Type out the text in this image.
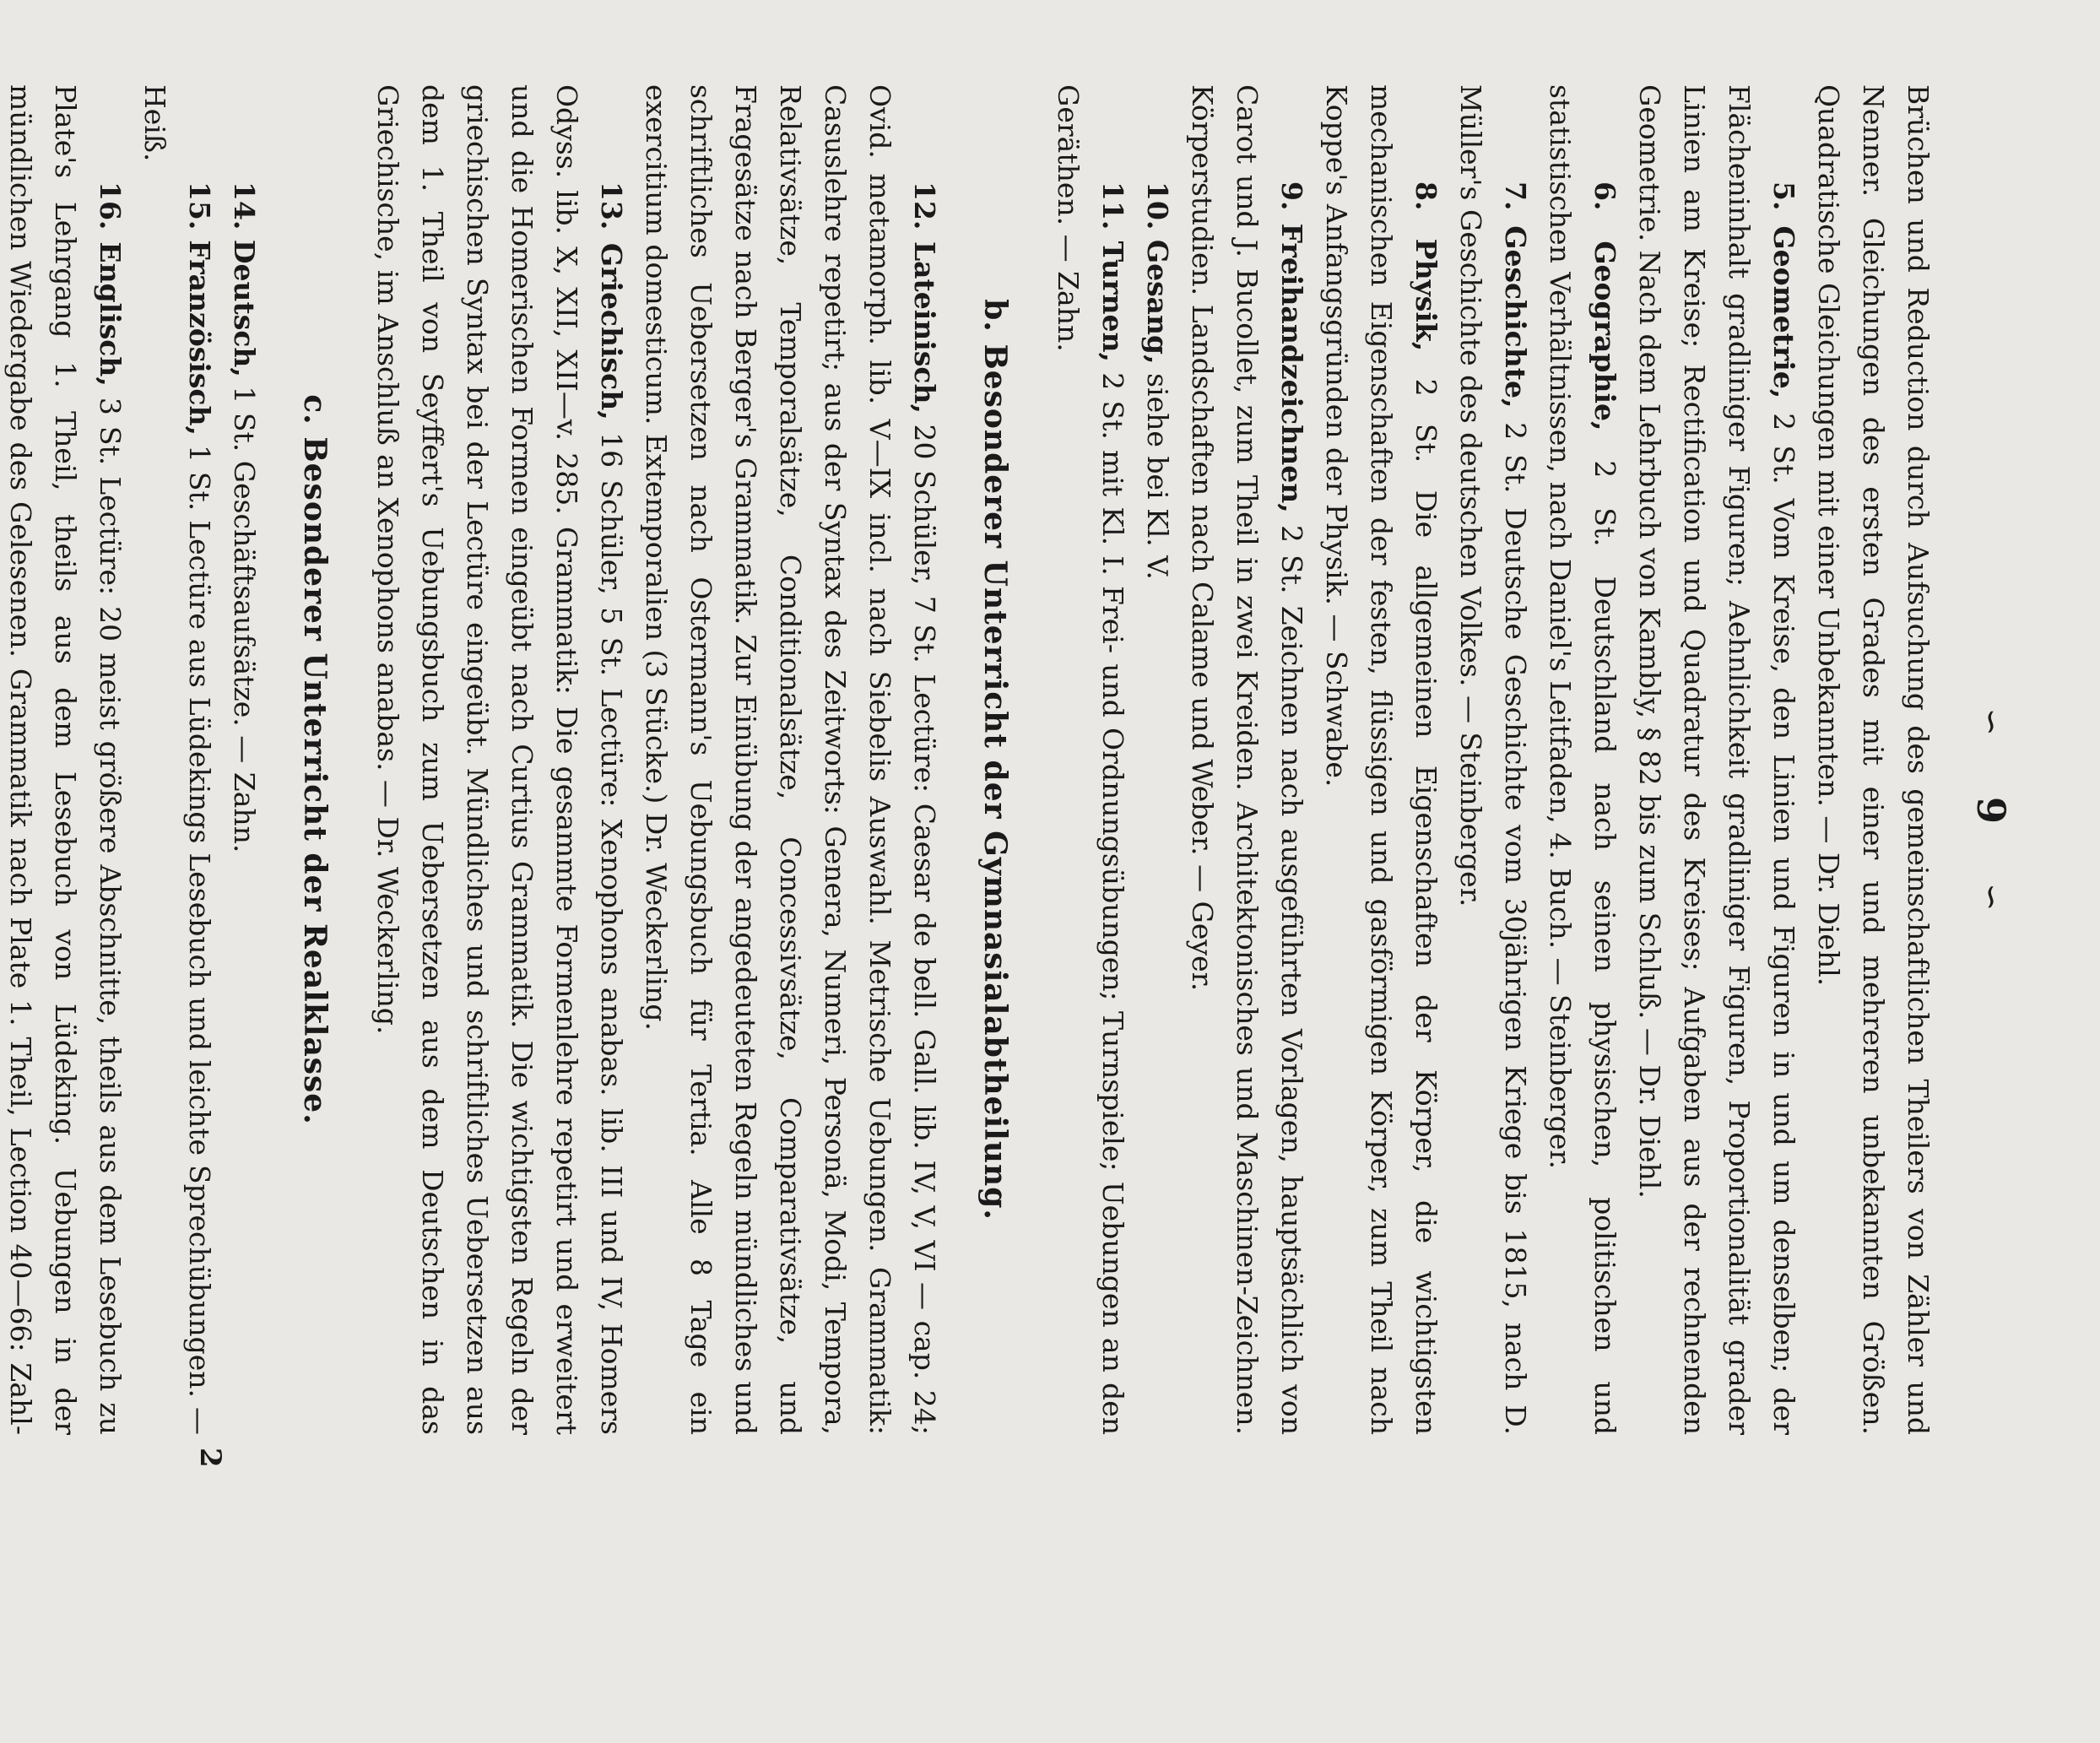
∽
9
∽

Brüchen und Reduction durch Aufsuchung des gemeinschaftlichen Theilers von Zähler und Nenner. Gleichungen des ersten Grades mit einer und mehreren unbekannten Größen. Quadratische Gleichungen mit einer Unbekannten. — Dr. Diehl.

5. Geometrie, 2 St. Vom Kreise, den Linien und Figuren in und um denselben; der Flächeninhalt gradliniger Figuren; Aehnlichkeit gradliniger Figuren, Proportionalität grader Linien am Kreise; Rectification und Quadratur des Kreises; Aufgaben aus der rechnenden Geometrie. Nach dem Lehrbuch von Kambly, § 82 bis zum Schluß. — Dr. Diehl.

6. Geographie, 2 St. Deutschland nach seinen physischen, politischen und statistischen Verhältnissen, nach Daniel's Leitfaden, 4. Buch. — Steinberger.

7. Geschichte, 2 St. Deutsche Geschichte vom 30jährigen Kriege bis 1815, nach D. Müller's Geschichte des deutschen Volkes. — Steinberger.

8. Physik, 2 St. Die allgemeinen Eigenschaften der Körper, die wichtigsten mechanischen Eigenschaften der festen, flüssigen und gasförmigen Körper, zum Theil nach Koppe's Anfangsgründen der Physik. — Schwabe.

9. Freihandzeichnen, 2 St. Zeichnen nach ausgeführten Vorlagen, hauptsächlich von Carot und J. Bucollet, zum Theil in zwei Kreiden. Architektonisches und Maschinen-Zeichnen. Körperstudien. Landschaften nach Calame und Weber. — Geyer.

10. Gesang, siehe bei Kl. V.

11. Turnen, 2 St. mit Kl. I. Frei- und Ordnungsübungen; Turnspiele; Uebungen an den Geräthen. — Zahn.

b. Besonderer Unterricht der Gymnasialabtheilung.

12. Lateinisch, 20 Schüler, 7 St. Lectüre: Caesar de bell. Gall. lib. IV, V, VI — cap. 24; Ovid. metamorph. lib. V—IX incl. nach Siebelis Auswahl. Metrische Uebungen. Grammatik: Casuslehre repetirt; aus der Syntax des Zeitworts: Genera, Numeri, Personä, Modi, Tempora, Relativsätze, Temporalsätze, Conditionalsätze, Concessivsätze, Comparativsätze, und Fragesätze nach Berger's Grammatik. Zur Einübung der angedeuteten Regeln mündliches und schriftliches Uebersetzen nach Ostermann's Uebungsbuch für Tertia. Alle 8 Tage ein exercitium domesticum. Extemporalien (3 Stücke.) Dr. Weckerling.

13. Griechisch, 16 Schüler, 5 St. Lectüre: Xenophons anabas. lib. III und IV, Homers Odyss. lib. X, XII, XII—v. 285. Grammatik: Die gesammte Formenlehre repetirt und erweitert und die Homerischen Formen eingeübt nach Curtius Grammatik. Die wichtigsten Regeln der griechischen Syntax bei der Lectüre eingeübt. Mündliches und schriftliches Uebersetzen aus dem 1. Theil von Seyffert's Uebungsbuch zum Uebersetzen aus dem Deutschen in das Griechische, im Anschluß an Xenophons anabas. — Dr. Weckerling.

c. Besonderer Unterricht der Realklasse.

14. Deutsch, 1 St. Geschäftsaufsätze. — Zahn.

15. Französisch, 1 St. Lectüre aus Lüdekings Lesebuch und leichte Sprechübungen. — Heiß.

16. Englisch, 3 St. Lectüre: 20 meist größere Abschnitte, theils aus dem Lesebuch zu Plate's Lehrgang 1. Theil, theils aus dem Lesebuch von Lüdeking. Uebungen in der mündlichen Wiedergabe des Gelesenen. Grammatik nach Plate 1. Theil, Lection 40—66: Zahl-

2
